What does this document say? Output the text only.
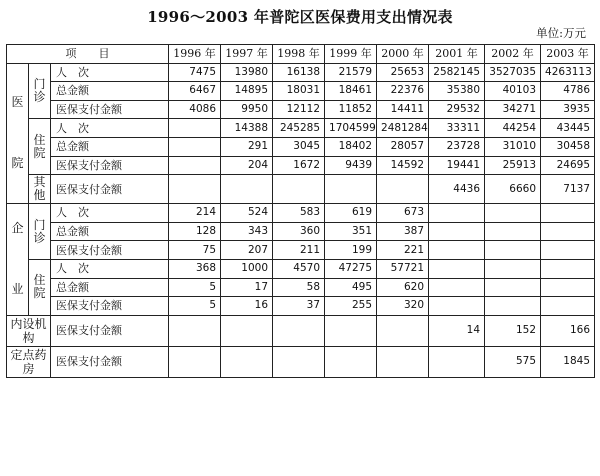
1996～2003 年普陀区医保费用支出情况表
单位:万元
项　　目			1996 年	1997 年	1998 年	1999 年	2000 年	2001 年	2002 年	2003 年

医
院	门诊	人　次	7475	13980	16138	21579	25653	2582145	3527035	4263113
		总金额	6467	14895	18031	18461	22376	35380	40103	4786
		医保支付金额	4086	9950	12112	11852	14411	29532	34271	3935
	住院	人　次		14388	245285	1704599	2481284	33311	44254	43445
		总金额		291	3045	18402	28057	23728	31010	30458
		医保支付金额		204	1672	9439	14592	19441	25913	24695
	其他	医保支付金额						4436	6660	7137

企
业	门诊	人　次	214	524	583	619	673			
		总金额	128	343	360	351	387			
		医保支付金额	75	207	211	199	221			
	住院	人　次	368	1000	4570	47275	57721			
		总金额	5	17	58	495	620			
		医保支付金额	5	16	37	255	320			
内设机构		医保支付金额						14	152	166
定点药房		医保支付金额							575	1845
